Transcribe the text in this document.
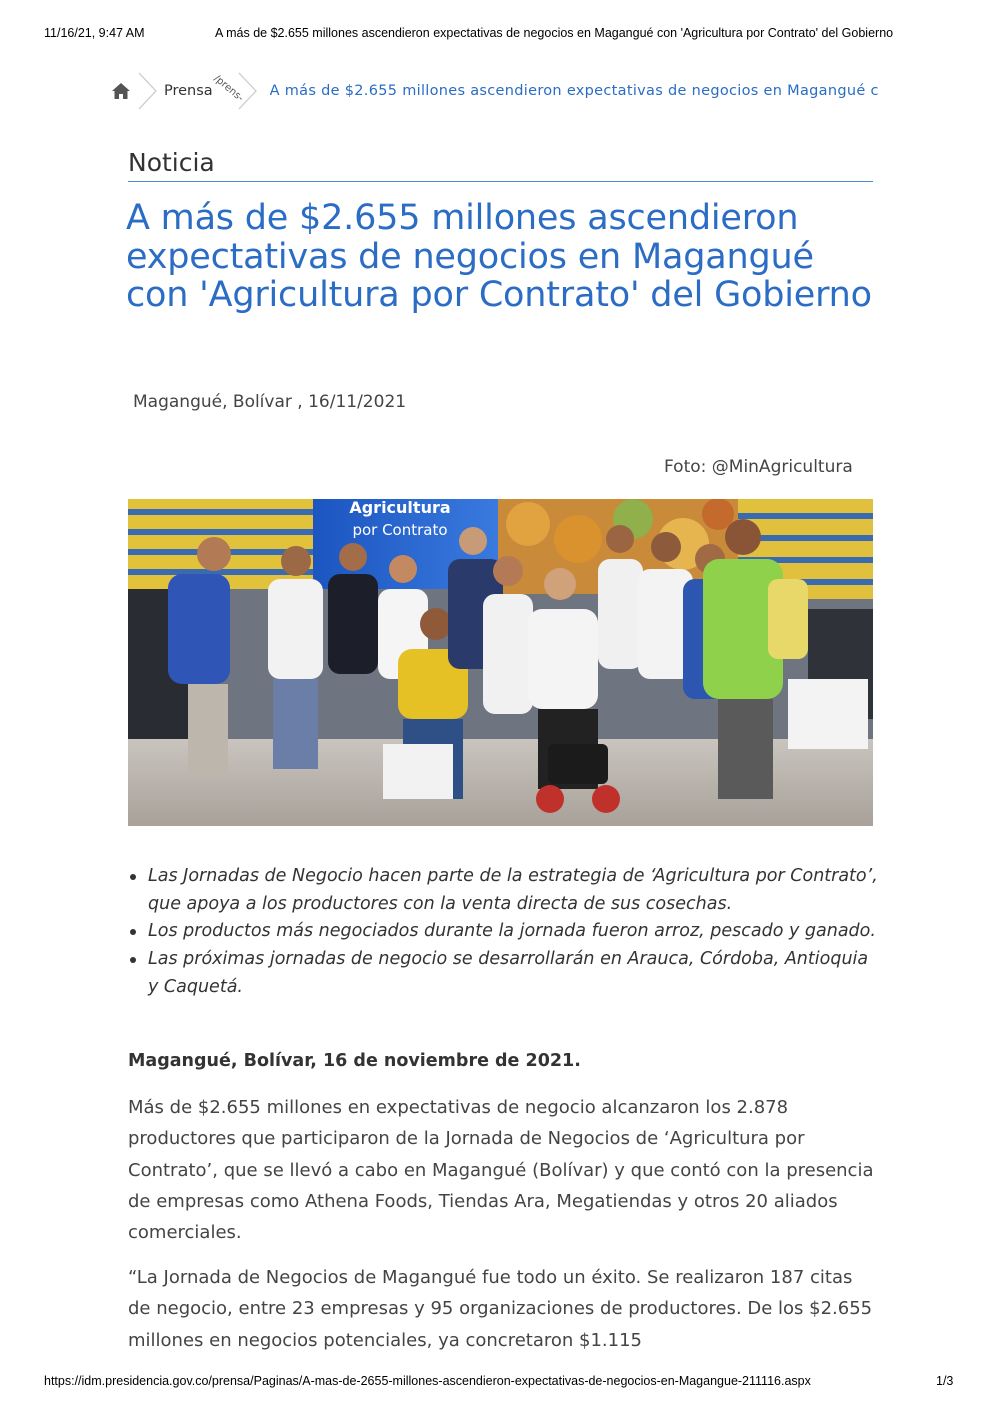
11/16/21, 9:47 AM	A más de $2.655 millones ascendieron expectativas de negocios en Magangué con 'Agricultura por Contrato' del Gobierno
Prensa
/prens- A más de $2.655 millones ascendieron expectativas de negocios en Magangué c
Noticia
A más de $2.655 millones ascendieron expectativas de negocios en Magangué con 'Agricultura por Contrato' del Gobierno
Magangué, Bolívar , 16/11/2021
Foto: @MinAgricultura
Agricultura
por Contrato
Las Jornadas de Negocio hacen parte de la estrategia de ‘Agricultura por Contrato’, que apoya a los productores con la venta directa de sus cosechas.
Los productos más negociados durante la jornada fueron arroz, pescado y ganado.
Las próximas jornadas de negocio se desarrollarán en Arauca, Córdoba, Antioquia y Caquetá.
Magangué, Bolívar, 16 de noviembre de 2021.

Más de $2.655 millones en expectativas de negocio alcanzaron los 2.878 productores que participaron de la Jornada de Negocios de ‘Agricultura por Contrato’, que se llevó a cabo en Magangué (Bolívar) y que contó con la presencia de empresas como Athena Foods, Tiendas Ara, Megatiendas y otros 20 aliados comerciales.

“La Jornada de Negocios de Magangué fue todo un éxito. Se realizaron 187 citas de negocio, entre 23 empresas y 95 organizaciones de productores. De los $2.655 millones en negocios potenciales, ya concretaron $1.115

https://idm.presidencia.gov.co/prensa/Paginas/A-mas-de-2655-millones-ascendieron-expectativas-de-negocios-en-Magangue-211116.aspx	1/3
